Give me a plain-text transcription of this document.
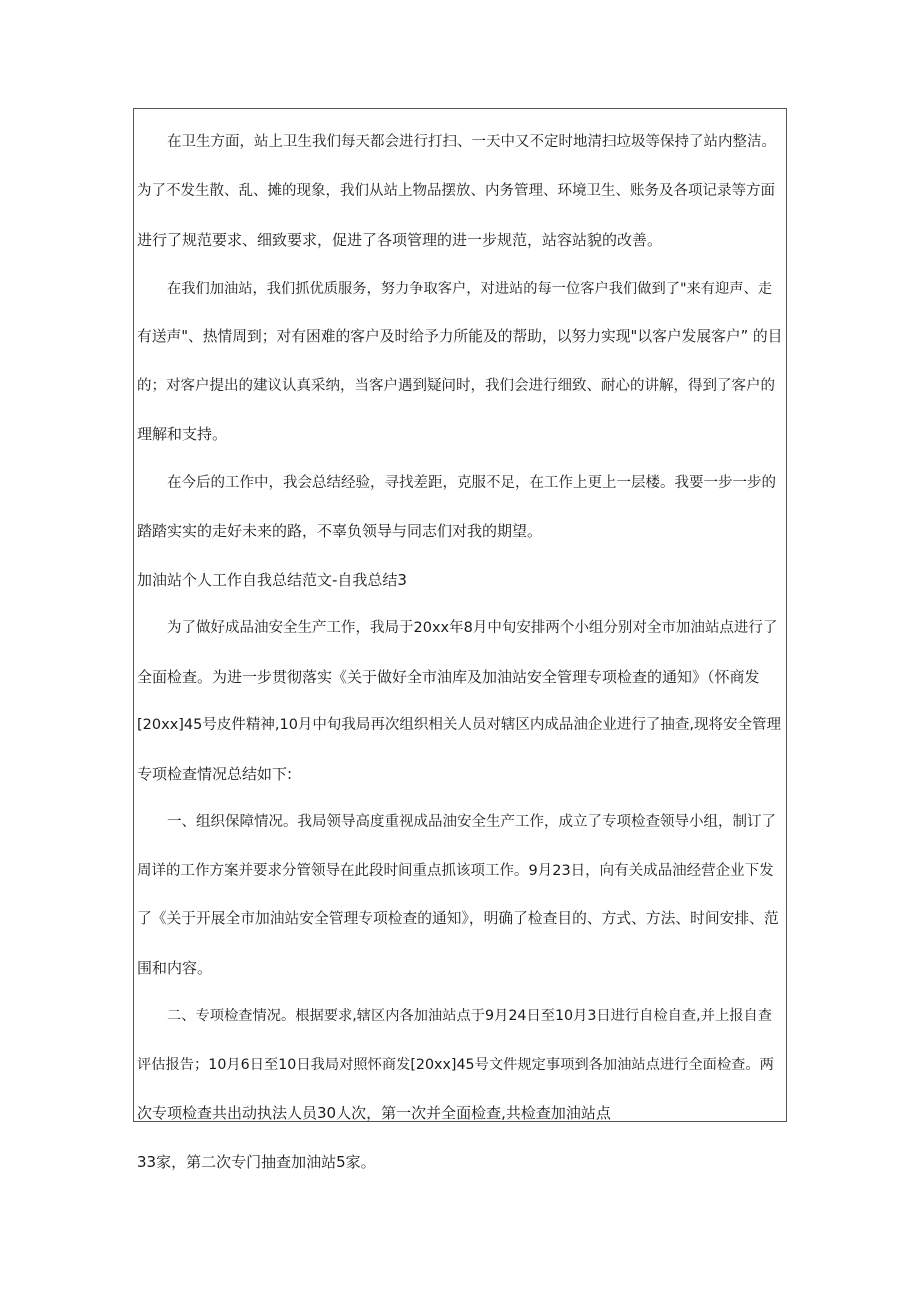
在卫生方面，站上卫生我们每天都会进行打扫、一天中又不定时地清扫垃圾等保持了站内整洁。
为了不发生散、乱、摊的现象，我们从站上物品摆放、内务管理、环境卫生、账务及各项记录等方面
进行了规范要求、细致要求，促进了各项管理的进一步规范，站容站貌的改善。
在我们加油站，我们抓优质服务，努力争取客户，对进站的每一位客户我们做到了"来有迎声、走
有送声"、热情周到；对有困难的客户及时给予力所能及的帮助，以努力实现"以客户发展客户” 的目
的；对客户提出的建议认真采纳，当客户遇到疑问时，我们会进行细致、耐心的讲解，得到了客户的
理解和支持。
在今后的工作中，我会总结经验，寻找差距，克服不足，在工作上更上一层楼。我要一步一步的
踏踏实实的走好未来的路，不辜负领导与同志们对我的期望。
加油站个人工作自我总结范文-自我总结3
为了做好成品油安全生产工作，我局于20xx年8月中旬安排两个小组分别对全市加油站点进行了
全面检查。为进一步贯彻落实《关于做好全市油库及加油站安全管理专项检查的通知》（怀商发
[20xx]45号皮件精神,10月中旬我局再次组织相关人员对辖区内成品油企业进行了抽查,现将安全管理
专项检查情况总结如下:
一、组织保障情况。我局领导高度重视成品油安全生产工作，成立了专项检查领导小组，制订了
周详的工作方案并要求分管领导在此段时间重点抓该项工作。9月23日，向有关成品油经营企业下发
了《关于开展全市加油站安全管理专项检查的通知》，明确了检查目的、方式、方法、时间安排、范
围和内容。
二、专项检查情况。根据要求,辖区内各加油站点于9月24日至10月3日进行自检自查,并上报自查
评估报告；10月6日至10日我局对照怀商发[20xx]45号文件规定事项到各加油站点进行全面检查。两
次专项检查共出动执法人员30人次，第一次并全面检查,共检查加油站点
33家，第二次专门抽查加油站5家。
